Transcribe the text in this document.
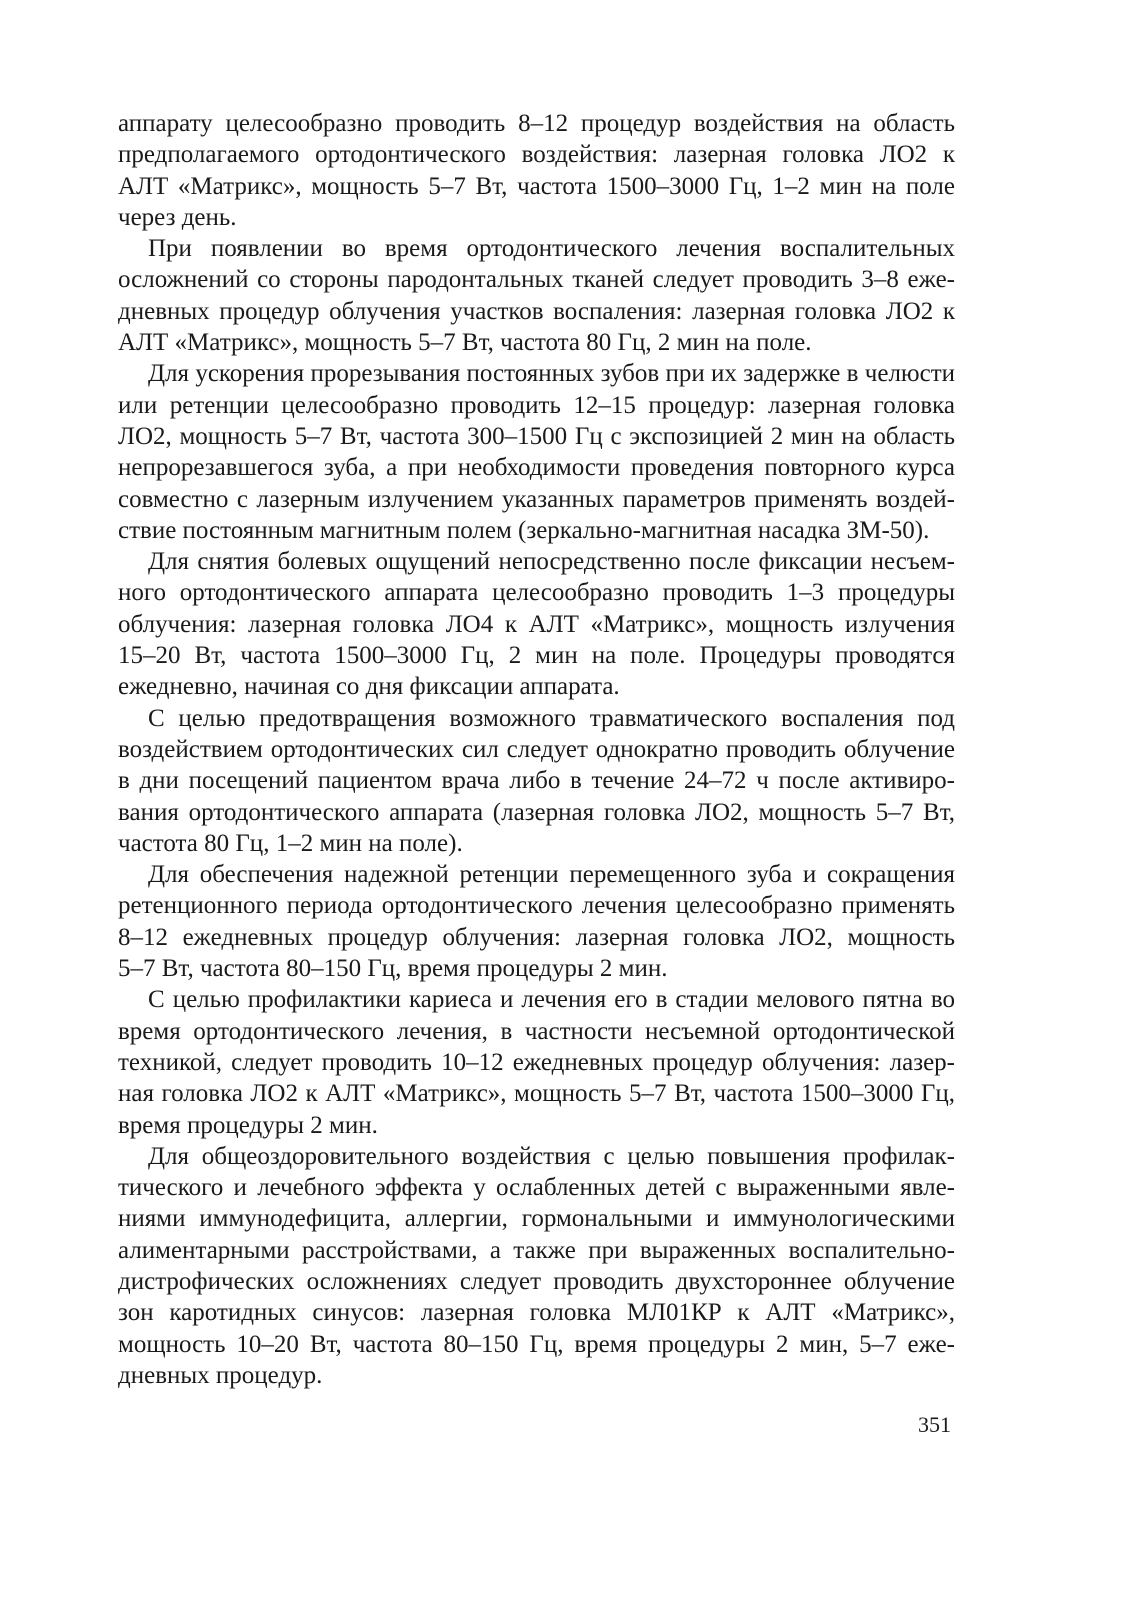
аппарату целесообразно проводить 8–12 процедур воздействия на область
предполагаемого ортодонтического воздействия: лазерная головка ЛО2 к
АЛТ «Матрикс», мощность 5–7 Вт, частота 1500–3000 Гц, 1–2 мин на поле
через день.
При появлении во время ортодонтического лечения воспалительных
осложнений со стороны пародонтальных тканей следует проводить 3–8 еже-
дневных процедур облучения участков воспаления: лазерная головка ЛО2 к
АЛТ «Матрикс», мощность 5–7 Вт, частота 80 Гц, 2 мин на поле.
Для ускорения прорезывания постоянных зубов при их задержке в челюсти
или ретенции целесообразно проводить 12–15 процедур: лазерная головка
ЛО2, мощность 5–7 Вт, частота 300–1500 Гц с экспозицией 2 мин на область
непрорезавшегося зуба, а при необходимости проведения повторного курса
совместно с лазерным излучением указанных параметров применять воздей-
ствие постоянным магнитным полем (зеркально-магнитная насадка ЗМ-50).
Для снятия болевых ощущений непосредственно после фиксации несъем-
ного ортодонтического аппарата целесообразно проводить 1–3 процедуры
облучения: лазерная головка ЛО4 к АЛТ «Матрикс», мощность излучения
15–20 Вт, частота 1500–3000 Гц, 2 мин на поле. Процедуры проводятся
ежедневно, начиная со дня фиксации аппарата.
С целью предотвращения возможного травматического воспаления под
воздействием ортодонтических сил следует однократно проводить облучение
в дни посещений пациентом врача либо в течение 24–72 ч после активиро-
вания ортодонтического аппарата (лазерная головка ЛО2, мощность 5–7 Вт,
частота 80 Гц, 1–2 мин на поле).
Для обеспечения надежной ретенции перемещенного зуба и сокращения
ретенционного периода ортодонтического лечения целесообразно применять
8–12 ежедневных процедур облучения: лазерная головка ЛО2, мощность
5–7 Вт, частота 80–150 Гц, время процедуры 2 мин.
С целью профилактики кариеса и лечения его в стадии мелового пятна во
время ортодонтического лечения, в частности несъемной ортодонтической
техникой, следует проводить 10–12 ежедневных процедур облучения: лазер-
ная головка ЛО2 к АЛТ «Матрикс», мощность 5–7 Вт, частота 1500–3000 Гц,
время процедуры 2 мин.
Для общеоздоровительного воздействия с целью повышения профилак-
тического и лечебного эффекта у ослабленных детей с выраженными явле-
ниями иммунодефицита, аллергии, гормональными и иммунологическими
алиментарными расстройствами, а также при выраженных воспалительно-
дистрофических осложнениях следует проводить двухстороннее облучение
зон каротидных синусов: лазерная головка МЛ01КР к АЛТ «Матрикс»,
мощность 10–20 Вт, частота 80–150 Гц, время процедуры 2 мин, 5–7 еже-
дневных процедур.
351
